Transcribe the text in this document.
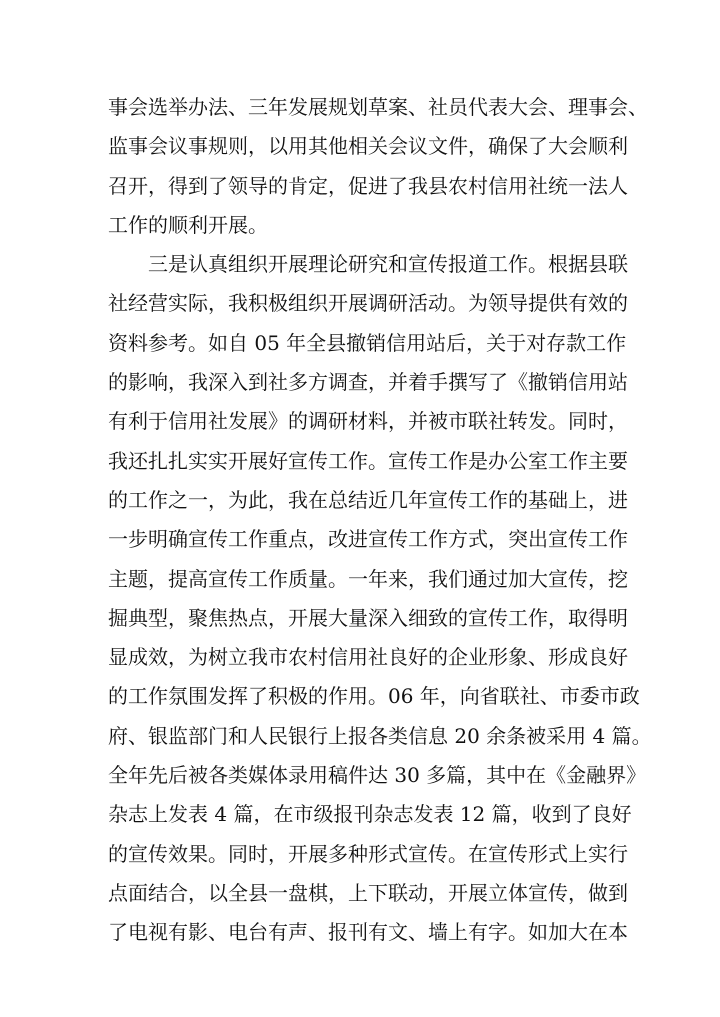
事会选举办法、三年发展规划草案、社员代表大会、理事会、
监事会议事规则，以用其他相关会议文件，确保了大会顺利
召开，得到了领导的肯定，促进了我县农村信用社统一法人
工作的顺利开展。
三是认真组织开展理论研究和宣传报道工作。根据县联
社经营实际，我积极组织开展调研活动。为领导提供有效的
资料参考。如自 05 年全县撤销信用站后，关于对存款工作
的影响，我深入到社多方调查，并着手撰写了《撤销信用站
有利于信用社发展》的调研材料，并被市联社转发。同时，
我还扎扎实实开展好宣传工作。宣传工作是办公室工作主要
的工作之一，为此，我在总结近几年宣传工作的基础上，进
一步明确宣传工作重点，改进宣传工作方式，突出宣传工作
主题，提高宣传工作质量。一年来，我们通过加大宣传，挖
掘典型，聚焦热点，开展大量深入细致的宣传工作，取得明
显成效，为树立我市农村信用社良好的企业形象、形成良好
的工作氛围发挥了积极的作用。06 年，向省联社、市委市政
府、银监部门和人民银行上报各类信息 20 余条被采用 4 篇。
全年先后被各类媒体录用稿件达 30 多篇，其中在《金融界》
杂志上发表 4 篇，在市级报刊杂志发表 12 篇，收到了良好
的宣传效果。同时，开展多种形式宣传。在宣传形式上实行
点面结合，以全县一盘棋，上下联动，开展立体宣传，做到
了电视有影、电台有声、报刊有文、墙上有字。如加大在本
